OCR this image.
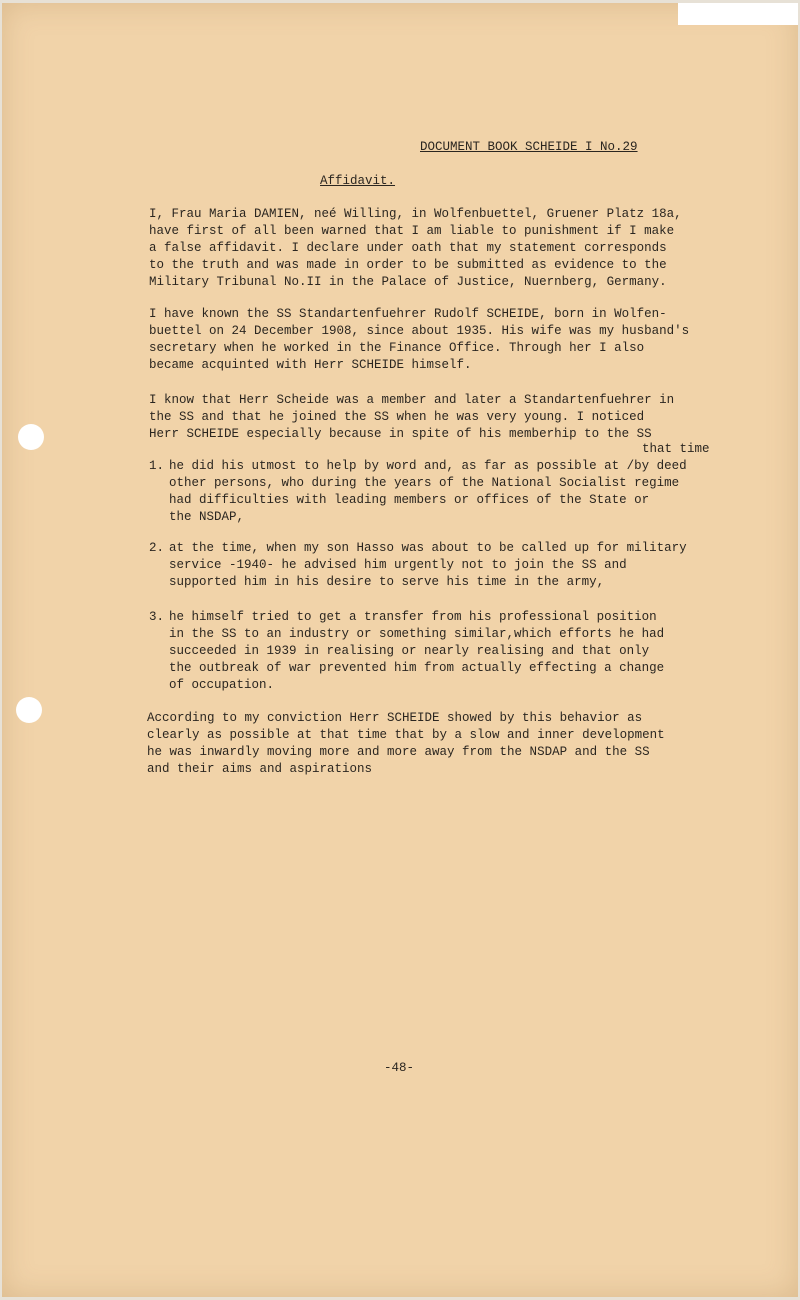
DOCUMENT BOOK SCHEIDE I No.29
Affidavit.
I, Frau Maria DAMIEN, neé Willing, in Wolfenbuettel, Gruener Platz 18a,
have first of all been warned that I am liable to punishment if I make
a false affidavit. I declare under oath that my statement corresponds
to the truth and was made in order to be submitted as evidence to the
Military Tribunal No.II in the Palace of Justice, Nuernberg, Germany.
I have known the SS Standartenfuehrer Rudolf SCHEIDE, born in Wolfen-
buettel on 24 December 1908, since about 1935. His wife was my husband's
secretary when he worked in the Finance Office. Through her I also
became acquinted with Herr SCHEIDE himself.
I know that Herr Scheide was a member and later a Standartenfuehrer in
the SS and that he joined the SS when he was very young. I noticed
Herr SCHEIDE especially because in spite of his memberhip to the SS
that time
1. he did his utmost to help by word and, as far as possible at /by deed
other persons, who during the years of the National Socialist regime
had difficulties with leading members or offices of the State or
the NSDAP,
2. at the time, when my son Hasso was about to be called up for military
service -1940- he advised him urgently not to join the SS and
supported him in his desire to serve his time in the army,
3. he himself tried to get a transfer from his professional position
in the SS to an industry or something similar,which efforts he had
succeeded in 1939 in realising or nearly realising and that only
the outbreak of war prevented him from actually effecting a change
of occupation.
According to my conviction Herr SCHEIDE showed by this behavior as
clearly as possible at that time that by a slow and inner development
he was inwardly moving more and more away from the NSDAP and the SS
and their aims and aspirations
-48-
